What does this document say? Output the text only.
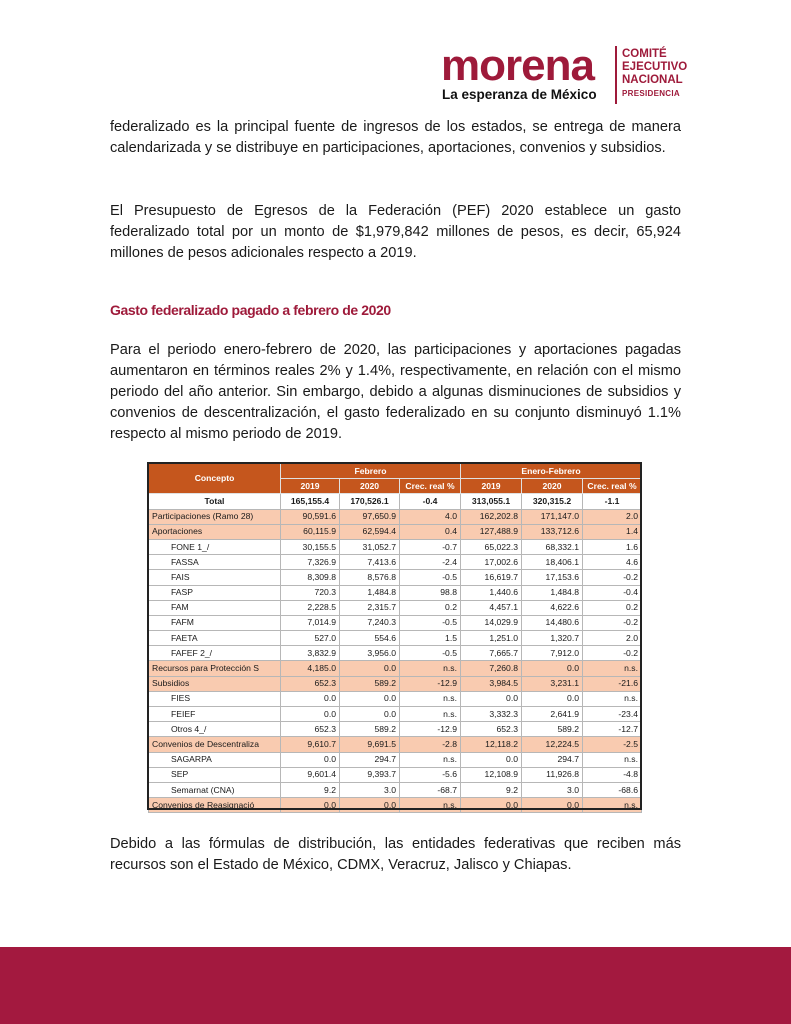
morena
La esperanza de México
COMITÉ
EJECUTIVO
NACIONAL
PRESIDENCIA
federalizado es la principal fuente de ingresos de los estados, se entrega de manera calendarizada y se distribuye en participaciones, aportaciones, convenios y subsidios.
El Presupuesto de Egresos de la Federación (PEF) 2020 establece un gasto federalizado total por un monto de $1,979,842 millones de pesos, es decir, 65,924 millones de pesos adicionales respecto a 2019.
Gasto federalizado pagado a febrero de 2020
Para el periodo enero-febrero de 2020, las participaciones y aportaciones pagadas aumentaron en términos reales 2% y 1.4%, respectivamente, en relación con el mismo periodo del año anterior. Sin embargo, debido a algunas disminuciones de subsidios y convenios de descentralización, el gasto federalizado en su conjunto disminuyó 1.1% respecto al mismo periodo de 2019.
Concepto	Febrero			Enero-Febrero		
	2019	2020	Crec. real %	2019	2020	Crec. real %
Total	165,155.4	170,526.1	-0.4	313,055.1	320,315.2	-1.1
Participaciones (Ramo 28)	90,591.6	97,650.9	4.0	162,202.8	171,147.0	2.0
Aportaciones	60,115.9	62,594.4	0.4	127,488.9	133,712.6	1.4
FONE 1_/	30,155.5	31,052.7	-0.7	65,022.3	68,332.1	1.6
FASSA	7,326.9	7,413.6	-2.4	17,002.6	18,406.1	4.6
FAIS	8,309.8	8,576.8	-0.5	16,619.7	17,153.6	-0.2
FASP	720.3	1,484.8	98.8	1,440.6	1,484.8	-0.4
FAM	2,228.5	2,315.7	0.2	4,457.1	4,622.6	0.2
FAFM	7,014.9	7,240.3	-0.5	14,029.9	14,480.6	-0.2
FAETA	527.0	554.6	1.5	1,251.0	1,320.7	2.0
FAFEF 2_/	3,832.9	3,956.0	-0.5	7,665.7	7,912.0	-0.2
Recursos para Protección S	4,185.0	0.0	n.s.	7,260.8	0.0	n.s.
Subsidios	652.3	589.2	-12.9	3,984.5	3,231.1	-21.6
FIES	0.0	0.0	n.s.	0.0	0.0	n.s.
FEIEF	0.0	0.0	n.s.	3,332.3	2,641.9	-23.4
Otros 4_/	652.3	589.2	-12.9	652.3	589.2	-12.7
Convenios de Descentraliza	9,610.7	9,691.5	-2.8	12,118.2	12,224.5	-2.5
SAGARPA	0.0	294.7	n.s.	0.0	294.7	n.s.
SEP	9,601.4	9,393.7	-5.6	12,108.9	11,926.8	-4.8
Semarnat (CNA)	9.2	3.0	-68.7	9.2	3.0	-68.6
Convenios de Reasignació	0.0	0.0	n.s.	0.0	0.0	n.s.
Debido a las fórmulas de distribución, las entidades federativas que reciben más recursos son el Estado de México, CDMX, Veracruz, Jalisco y Chiapas.
